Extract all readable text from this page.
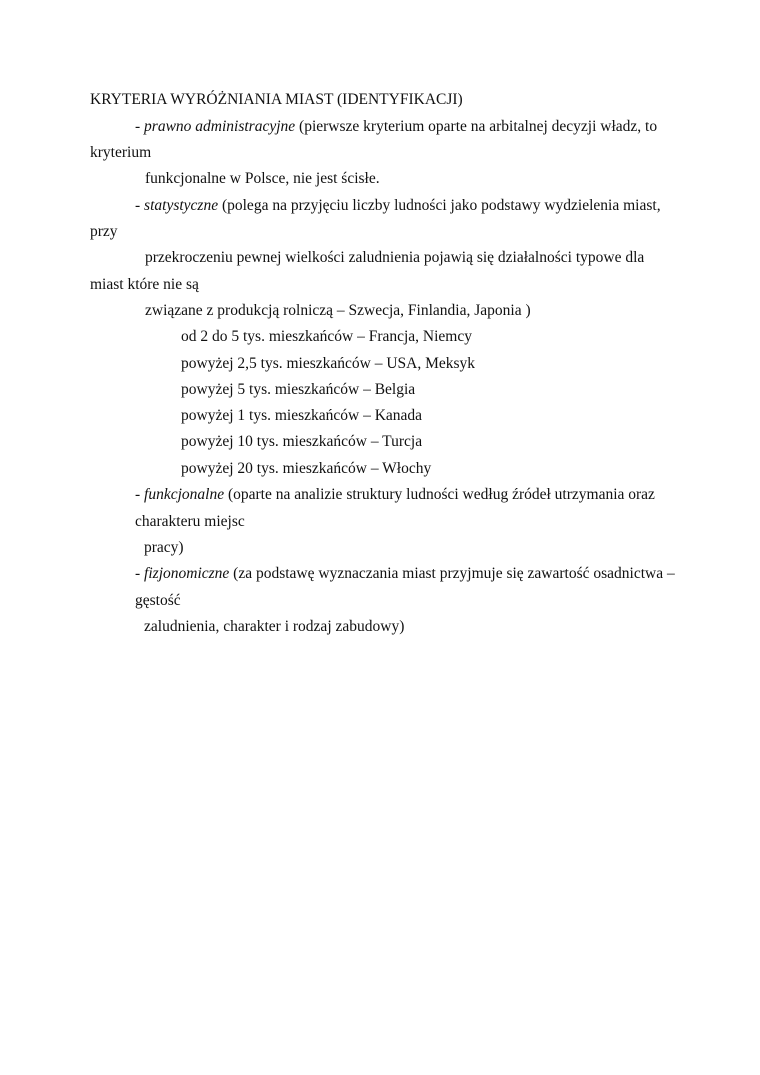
KRYTERIA WYRÓŻNIANIA MIAST (IDENTYFIKACJI)
- prawno administracyjne (pierwsze kryterium oparte na arbitalnej decyzji władz, to
kryterium
funkcjonalne w Polsce, nie jest ścisłe.
- statystyczne (polega na przyjęciu liczby ludności jako podstawy wydzielenia miast,
przy
przekroczeniu pewnej wielkości zaludnienia pojawią się działalności typowe dla
miast które nie są
związane z produkcją rolniczą – Szwecja, Finlandia, Japonia )
od 2 do 5 tys. mieszkańców – Francja, Niemcy
powyżej 2,5 tys. mieszkańców – USA, Meksyk
powyżej 5 tys. mieszkańców – Belgia
powyżej 1 tys. mieszkańców – Kanada
powyżej 10 tys. mieszkańców – Turcja
powyżej 20 tys. mieszkańców – Włochy
- funkcjonalne (oparte na analizie struktury ludności według źródeł utrzymania oraz
charakteru miejsc
pracy)
- fizjonomiczne (za podstawę wyznaczania miast przyjmuje się zawartość osadnictwa –
gęstość
zaludnienia, charakter i rodzaj zabudowy)
